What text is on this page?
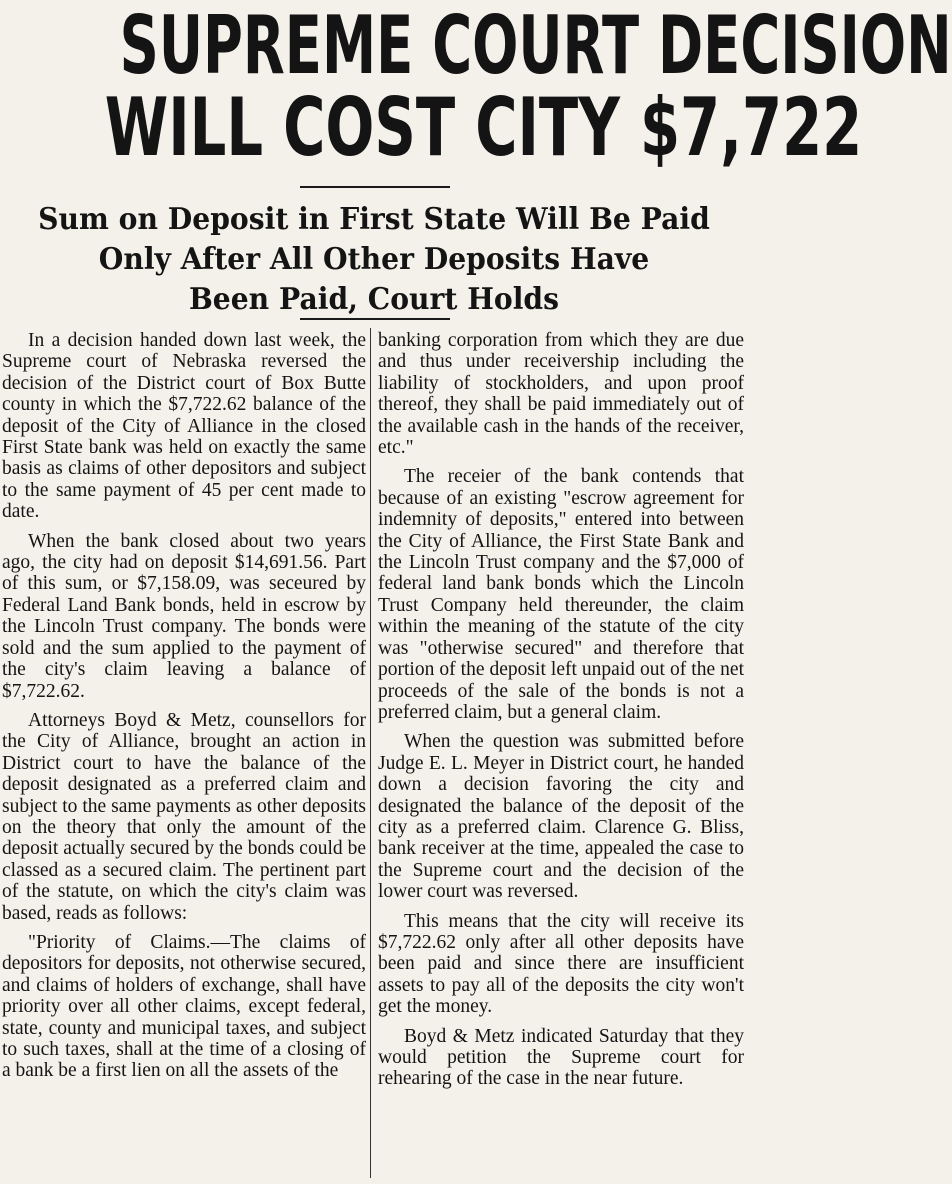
SUPREME COURT DECISION
WILL COST CITY $7,722
Sum on Deposit in First State Will Be Paid
Only After All Other Deposits Have
Been Paid, Court Holds

In a decision handed down last week, the Supreme court of Nebraska reversed the decision of the District court of Box Butte county in which the $7,722.62 balance of the deposit of the City of Alliance in the closed First State bank was held on exactly the same basis as claims of other depositors and subject to the same payment of 45 per cent made to date.

When the bank closed about two years ago, the city had on deposit $14,691.56. Part of this sum, or $7,158.09, was seceured by Federal Land Bank bonds, held in escrow by the Lincoln Trust company. The bonds were sold and the sum applied to the payment of the city's claim leaving a balance of $7,722.62.

Attorneys Boyd & Metz, counsellors for the City of Alliance, brought an action in District court to have the balance of the deposit designated as a preferred claim and subject to the same payments as other deposits on the theory that only the amount of the deposit actually secured by the bonds could be classed as a secured claim. The pertinent part of the statute, on which the city's claim was based, reads as follows:

"Priority of Claims.—The claims of depositors for deposits, not otherwise secured, and claims of holders of exchange, shall have priority over all other claims, except federal, state, county and municipal taxes, and subject to such taxes, shall at the time of a closing of a bank be a first lien on all the assets of the

banking corporation from which they are due and thus under receivership including the liability of stockholders, and upon proof thereof, they shall be paid immediately out of the available cash in the hands of the receiver, etc."

The receier of the bank contends that because of an existing "escrow agreement for indemnity of deposits," entered into between the City of Alliance, the First State Bank and the Lincoln Trust company and the $7,000 of federal land bank bonds which the Lincoln Trust Company held thereunder, the claim within the meaning of the statute of the city was "otherwise secured" and therefore that portion of the deposit left unpaid out of the net proceeds of the sale of the bonds is not a preferred claim, but a general claim.

When the question was submitted before Judge E. L. Meyer in District court, he handed down a decision favoring the city and designated the balance of the deposit of the city as a preferred claim. Clarence G. Bliss, bank receiver at the time, appealed the case to the Supreme court and the decision of the lower court was reversed.

This means that the city will receive its $7,722.62 only after all other deposits have been paid and since there are insufficient assets to pay all of the deposits the city won't get the money.

Boyd & Metz indicated Saturday that they would petition the Supreme court for rehearing of the case in the near future.
